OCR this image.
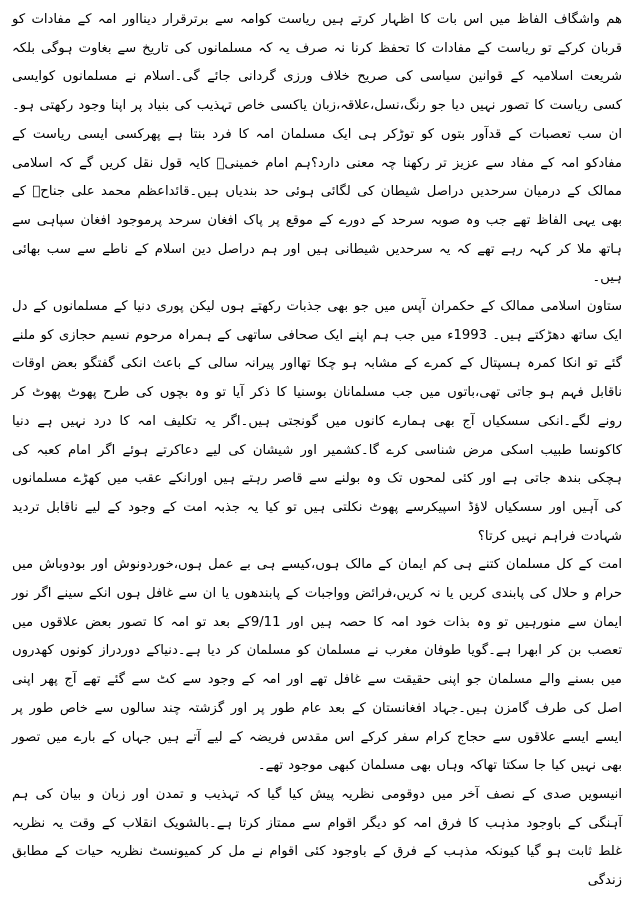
هم واشگاف الفاظ میں اس بات کا اظہار کرتے ہیں ریاست کوامہ سے برترقرار دینااور امہ کے مفادات کو قربان کرکے تو ریاست کے مفادات کا تحفظ کرنا نہ صرف یہ کہ مسلمانوں کی تاریخ سے بغاوت ہوگی بلکہ شریعت اسلامیہ کے قوانین سیاسی کی صریح خلاف ورزی گردانی جائے گی۔اسلام نے مسلمانوں کوایسی کسی ریاست کا تصور نہیں دیا جو رنگ،نسل،علاقہ،زبان یاکسی خاص تہذیب کی بنیاد پر اپنا وجود رکھتی ہو۔ان سب تعصبات کے قدآور بتوں کو توڑکر ہی ایک مسلمان امہ کا فرد بنتا ہے پھرکسی ایسی ریاست کے مفادکو امہ کے مفاد سے عزیز تر رکھنا چہ معنی دارد؟ہم امام خمینیؒ کایہ قول نقل کریں گے کہ اسلامی ممالک کے درمیان سرحدیں دراصل شیطان کی لگائی ہوئی حد بندیاں ہیں۔قائداعظم محمد علی جناحؒ کے بھی یہی الفاظ تھے جب وہ صوبہ سرحد کے دورے کے موقع پر پاک افغان سرحد پرموجود افغان سپاہی سے ہاتھ ملا کر کہہ رہے تھے کہ یہ سرحدیں شیطانی ہیں اور ہم دراصل دین اسلام کے ناطے سے سب بھائی ہیں۔

ستاون اسلامی ممالک کے حکمران آپس میں جو بھی جذبات رکھتے ہوں لیکن پوری دنیا کے مسلمانوں کے دل ایک ساتھ دھڑکتے ہیں۔ 1993ء میں جب ہم اپنے ایک صحافی ساتھی کے ہمراہ مرحوم نسیم حجازی کو ملنے گئے تو انکا کمرہ ہسپتال کے کمرے کے مشابہ ہو چکا تھااور پیرانہ سالی کے باعث انکی گفتگو بعض اوقات ناقابل فہم ہو جاتی تھی،باتوں میں جب مسلمانان بوسنیا کا ذکر آیا تو وہ بچوں کی طرح پھوٹ پھوٹ کر رونے لگے۔انکی سسکیاں آج بھی ہمارے کانوں میں گونجتی ہیں۔اگر یہ تکلیف امہ کا درد نہیں ہے دنیا کاکونسا طبیب اسکی مرض شناسی کرے گا۔کشمیر اور شیشان کی لیے دعاکرتے ہوئے اگر امام کعبہ کی ہچکی بندھ جاتی ہے اور کئی لمحوں تک وہ بولنے سے قاصر رہتے ہیں اورانکے عقب میں کھڑے مسلمانوں کی آہیں اور سسکیاں لاؤڈ اسپیکرسے پھوٹ نکلتی ہیں تو کیا یہ جذبہ امت کے وجود کے لیے ناقابل تردید شہادت فراہم نہیں کرتا؟

امت کے کل مسلمان کتنے ہی کم ایمان کے مالک ہوں،کیسے ہی بے عمل ہوں،خوردونوش اور بودوباش میں حرام و حلال کی پابندی کریں یا نہ کریں،فرائض وواجبات کے پابندھوں یا ان سے غافل ہوں انکے سینے اگر نور ایمان سے منورہیں تو وہ بذات خود امہ کا حصہ ہیں اور 9/11کے بعد تو امہ کا تصور بعض علاقوں میں تعصب بن کر ابھرا ہے۔گویا طوفان مغرب نے مسلمان کو مسلمان کر دیا ہے۔دنیاکے دوردراز کونوں کھدروں میں بسنے والے مسلمان جو اپنی حقیقت سے غافل تھے اور امہ کے وجود سے کٹ سے گئے تھے آج پھر اپنی اصل کی طرف گامزن ہیں۔جہاد افغانستان کے بعد عام طور پر اور گزشتہ چند سالوں سے خاص طور پر ایسے ایسے علاقوں سے حجاج کرام سفر کرکے اس مقدس فریضہ کے لیے آتے ہیں جہاں کے بارے میں تصور بھی نہیں کیا جا سکتا تھاکہ وہاں بھی مسلمان کبھی موجود تھے۔

انیسویں صدی کے نصف آخر میں دوقومی نظریہ پیش کیا گیا کہ تہذیب و تمدن اور زبان و بیان کی ہم آہنگی کے باوجود مذہب کا فرق امہ کو دیگر اقوام سے ممتاز کرتا ہے۔بالشویک انقلاب کے وقت یہ نظریہ غلط ثابت ہو گیا کیونکہ مذہب کے فرق کے باوجود کئی اقوام نے مل کر کمیونسٹ نظریہ حیات کے مطابق زندگی
